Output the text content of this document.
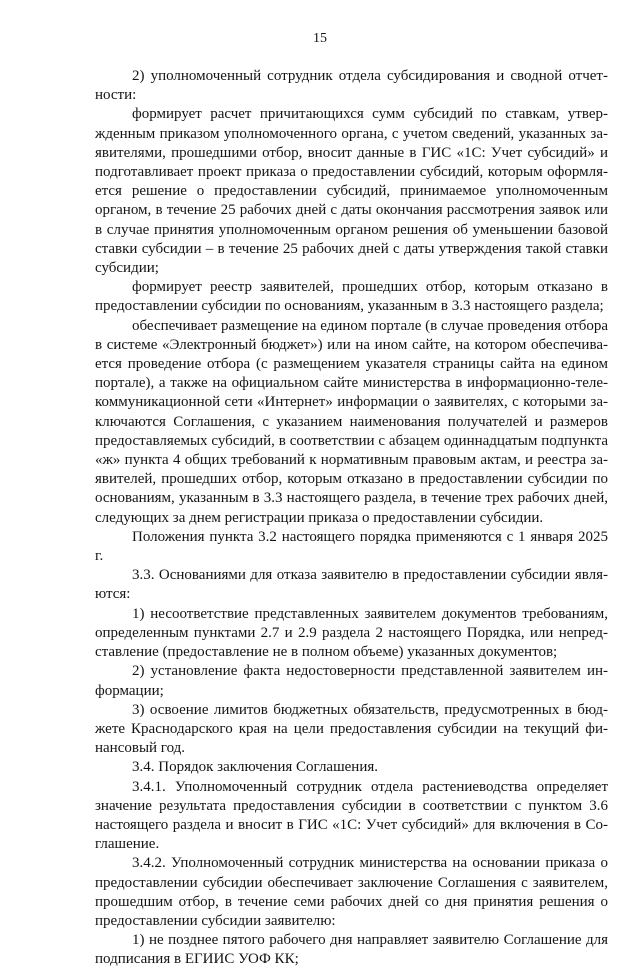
15

2) уполномоченный сотрудник отдела субсидирования и сводной отчетности:

формирует расчет причитающихся сумм субсидий по ставкам, утвержденным приказом уполномоченного органа, с учетом сведений, указанных заявителями, прошедшими отбор, вносит данные в ГИС «1С: Учет субсидий» и подготавливает проект приказа о предоставлении субсидий, которым оформляется решение о предоставлении субсидий, принимаемое уполномоченным органом, в течение 25 рабочих дней с даты окончания рассмотрения заявок или в случае принятия уполномоченным органом решения об уменьшении базовой ставки субсидии – в течение 25 рабочих дней с даты утверждения такой ставки субсидии;

формирует реестр заявителей, прошедших отбор, которым отказано в предоставлении субсидии по основаниям, указанным в 3.3 настоящего раздела;

обеспечивает размещение на едином портале (в случае проведения отбора в системе «Электронный бюджет») или на ином сайте, на котором обеспечивается проведение отбора (с размещением указателя страницы сайта на едином портале), а также на официальном сайте министерства в информационно-телекоммуникационной сети «Интернет» информации о заявителях, с которыми заключаются Соглашения, с указанием наименования получателей и размеров предоставляемых субсидий, в соответствии с абзацем одиннадцатым подпункта «ж» пункта 4 общих требований к нормативным правовым актам, и реестра заявителей, прошедших отбор, которым отказано в предоставлении субсидии по основаниям, указанным в 3.3 настоящего раздела, в течение трех рабочих дней, следующих за днем регистрации приказа о предоставлении субсидии.

Положения пункта 3.2 настоящего порядка применяются с 1 января 2025 г.

3.3. Основаниями для отказа заявителю в предоставлении субсидии являются:

1) несоответствие представленных заявителем документов требованиям, определенным пунктами 2.7 и 2.9 раздела 2 настоящего Порядка, или непредставление (предоставление не в полном объеме) указанных документов;

2) установление факта недостоверности представленной заявителем информации;

3) освоение лимитов бюджетных обязательств, предусмотренных в бюджете Краснодарского края на цели предоставления субсидии на текущий финансовый год.

3.4. Порядок заключения Соглашения.

3.4.1. Уполномоченный сотрудник отдела растениеводства определяет значение результата предоставления субсидии в соответствии с пунктом 3.6 настоящего раздела и вносит в ГИС «1С: Учет субсидий» для включения в Соглашение.

3.4.2. Уполномоченный сотрудник министерства на основании приказа о предоставлении субсидии обеспечивает заключение Соглашения с заявителем, прошедшим отбор, в течение семи рабочих дней со дня принятия решения о предоставлении субсидии заявителю:

1) не позднее пятого рабочего дня направляет заявителю Соглашение для подписания в ЕГИИС УОФ КК;
